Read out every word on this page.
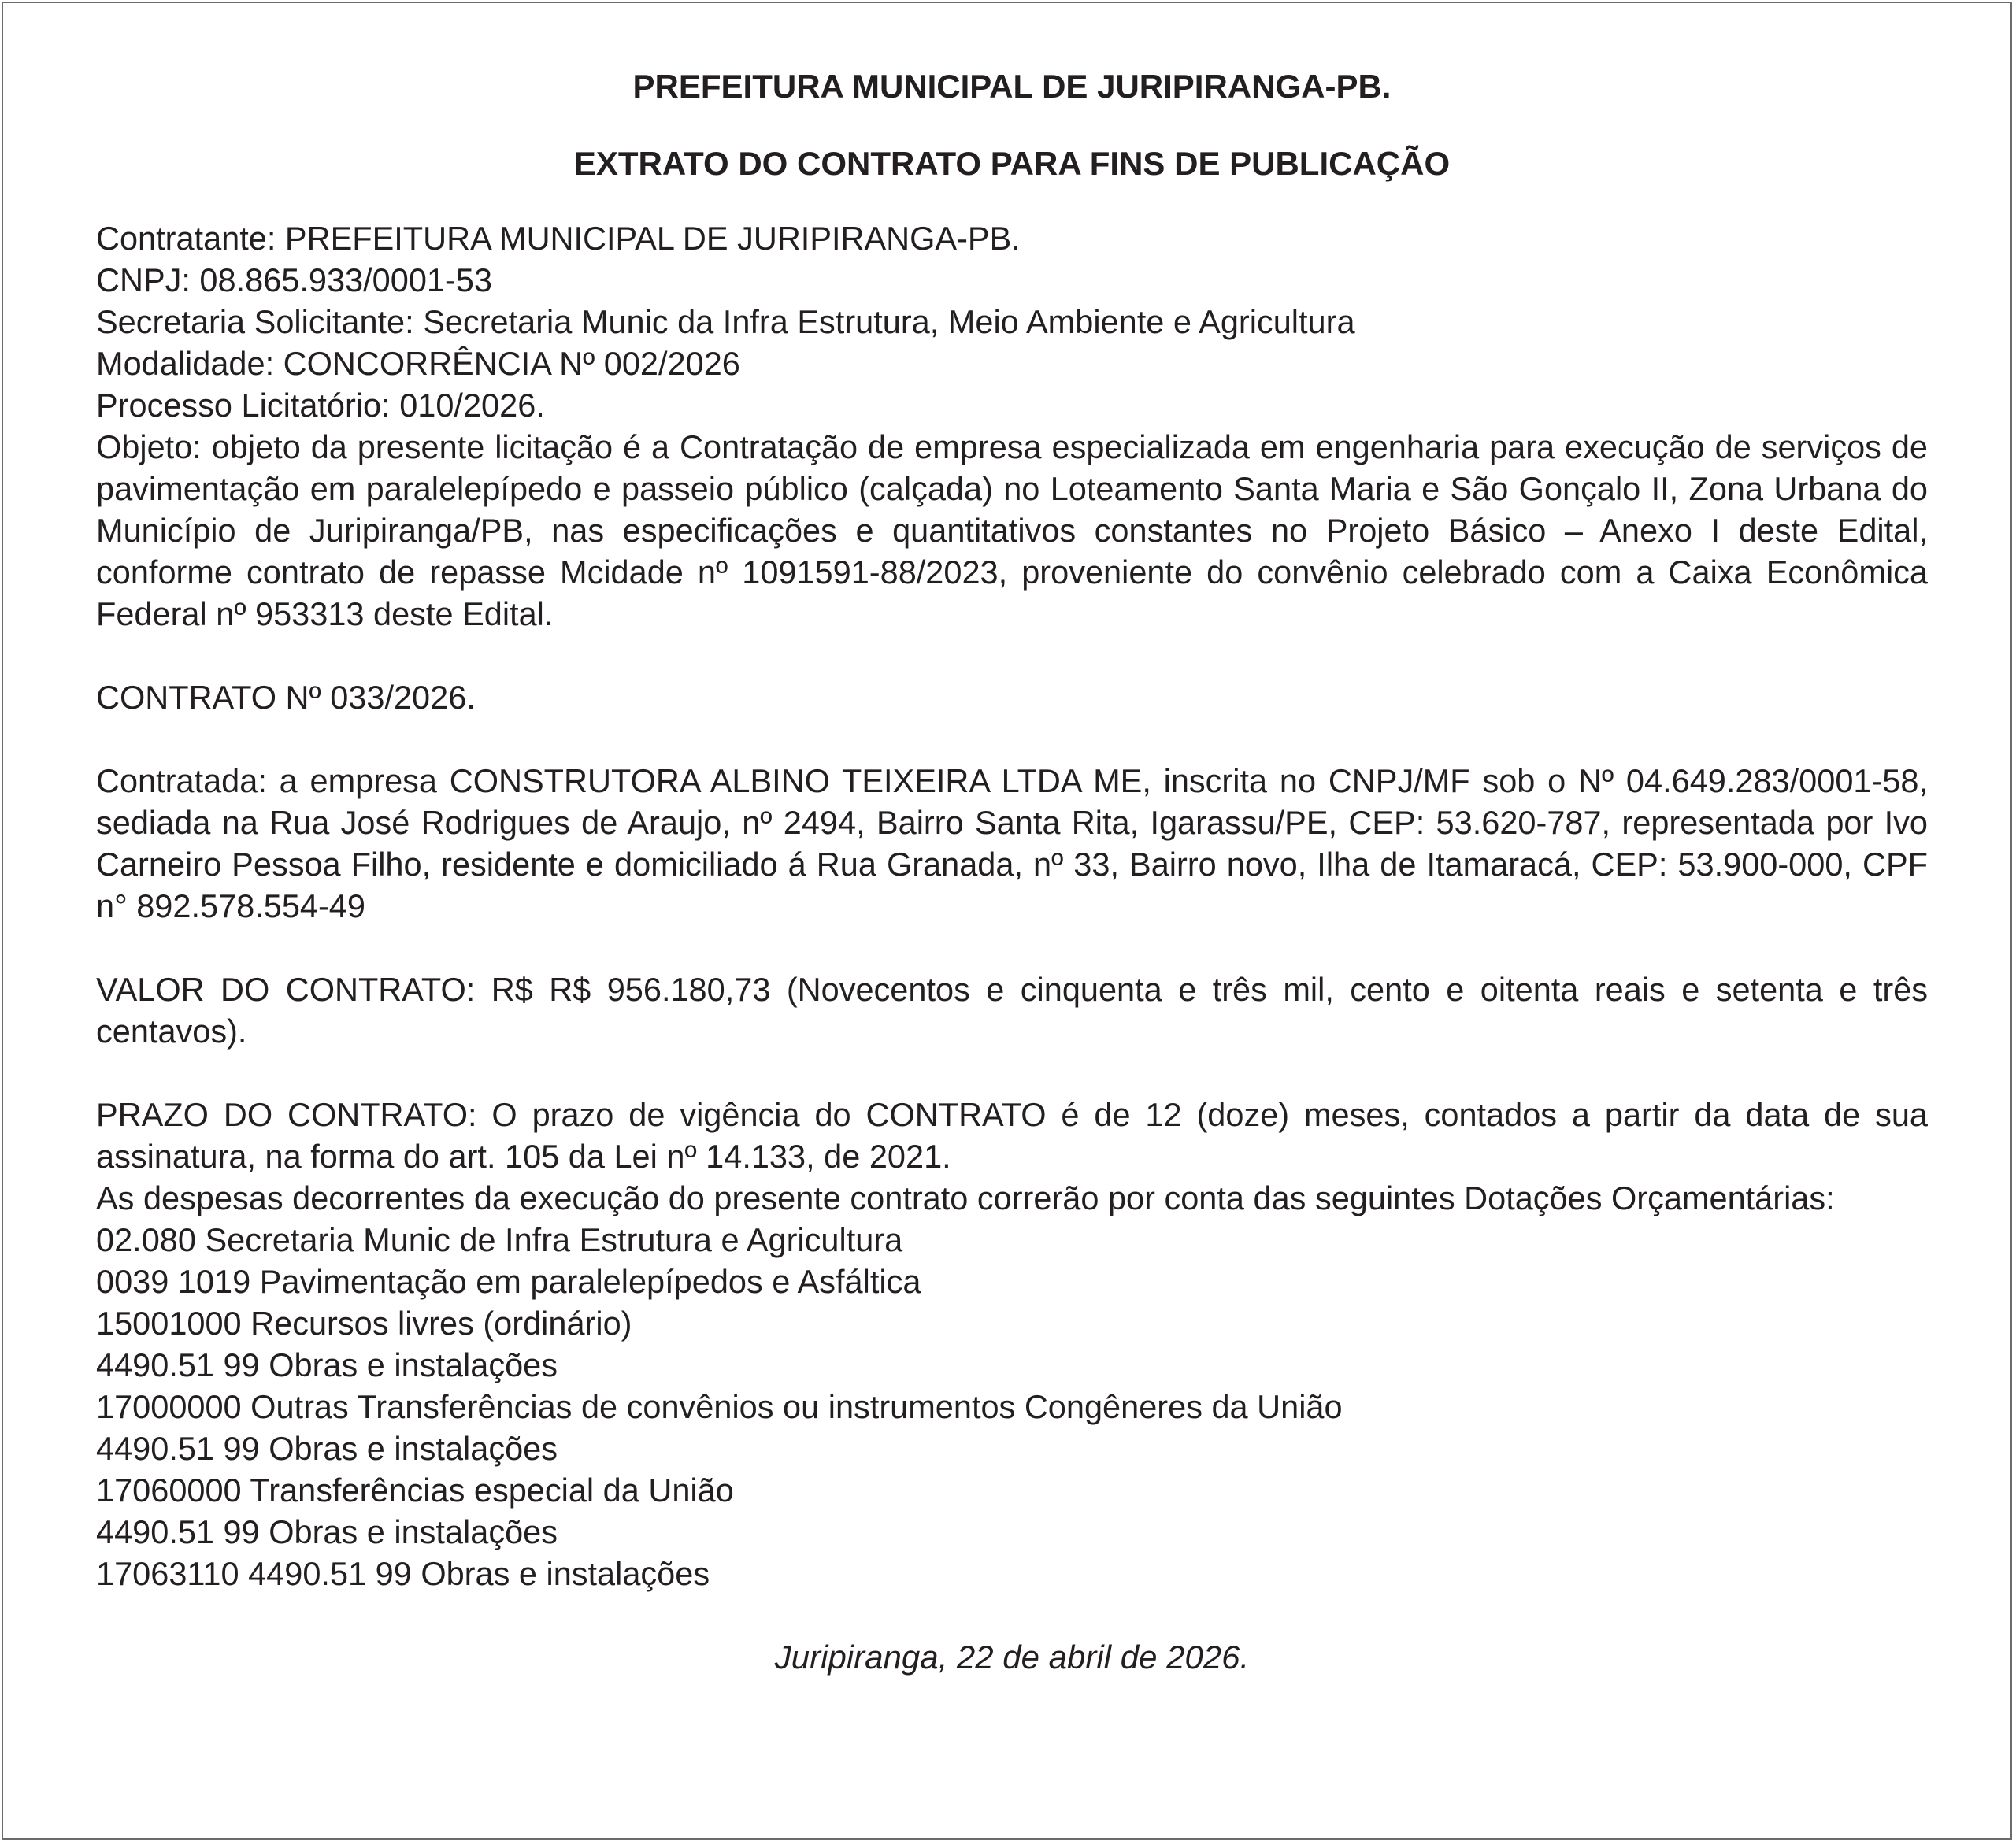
PREFEITURA MUNICIPAL DE JURIPIRANGA-PB.

EXTRATO DO CONTRATO PARA FINS DE PUBLICAÇÃO

Contratante: PREFEITURA MUNICIPAL DE JURIPIRANGA-PB.
CNPJ: 08.865.933/0001-53
Secretaria Solicitante: Secretaria Munic da Infra Estrutura, Meio Ambiente e Agricultura
Modalidade: CONCORRÊNCIA Nº 002/2026
Processo Licitatório: 010/2026.
Objeto: objeto da presente licitação é a Contratação de empresa especializada em engenharia para execução de serviços de pavimentação em paralelepípedo e passeio público (calçada) no Loteamento Santa Maria e São Gonçalo II, Zona Urbana do Município de Juripiranga/PB, nas especificações e quantitativos constantes no Projeto Básico – Anexo I deste Edital, conforme contrato de repasse Mcidade nº 1091591-88/2023, proveniente do convênio celebrado com a Caixa Econômica Federal nº 953313 deste Edital.

CONTRATO Nº 033/2026.

Contratada: a empresa CONSTRUTORA ALBINO TEIXEIRA LTDA ME, inscrita no CNPJ/MF sob o Nº 04.649.283/0001-58, sediada na Rua José Rodrigues de Araujo, nº 2494, Bairro Santa Rita, Igarassu/PE, CEP: 53.620-787, representada por Ivo Carneiro Pessoa Filho, residente e domiciliado á Rua Granada, nº 33, Bairro novo, Ilha de Itamaracá, CEP: 53.900-000, CPF n° 892.578.554-49
VALOR DO CONTRATO: R$ R$ 956.180,73 (Novecentos e cinquenta e três mil, cento e oitenta reais e setenta e três centavos).
PRAZO DO CONTRATO: O prazo de vigência do CONTRATO é de 12 (doze) meses, contados a partir da data de sua assinatura, na forma do art. 105 da Lei nº 14.133, de 2021.
As despesas decorrentes da execução do presente contrato correrão por conta das seguintes Dotações Orçamentárias:
02.080 Secretaria Munic de Infra Estrutura e Agricultura
0039 1019 Pavimentação em paralelepípedos e Asfáltica
15001000 Recursos livres (ordinário)
4490.51 99 Obras e instalações
17000000 Outras Transferências de convênios ou instrumentos Congêneres da União
4490.51 99 Obras e instalações
17060000 Transferências especial da União
4490.51 99 Obras e instalações
17063110 4490.51 99 Obras e instalações

Juripiranga, 22 de abril de 2026.
